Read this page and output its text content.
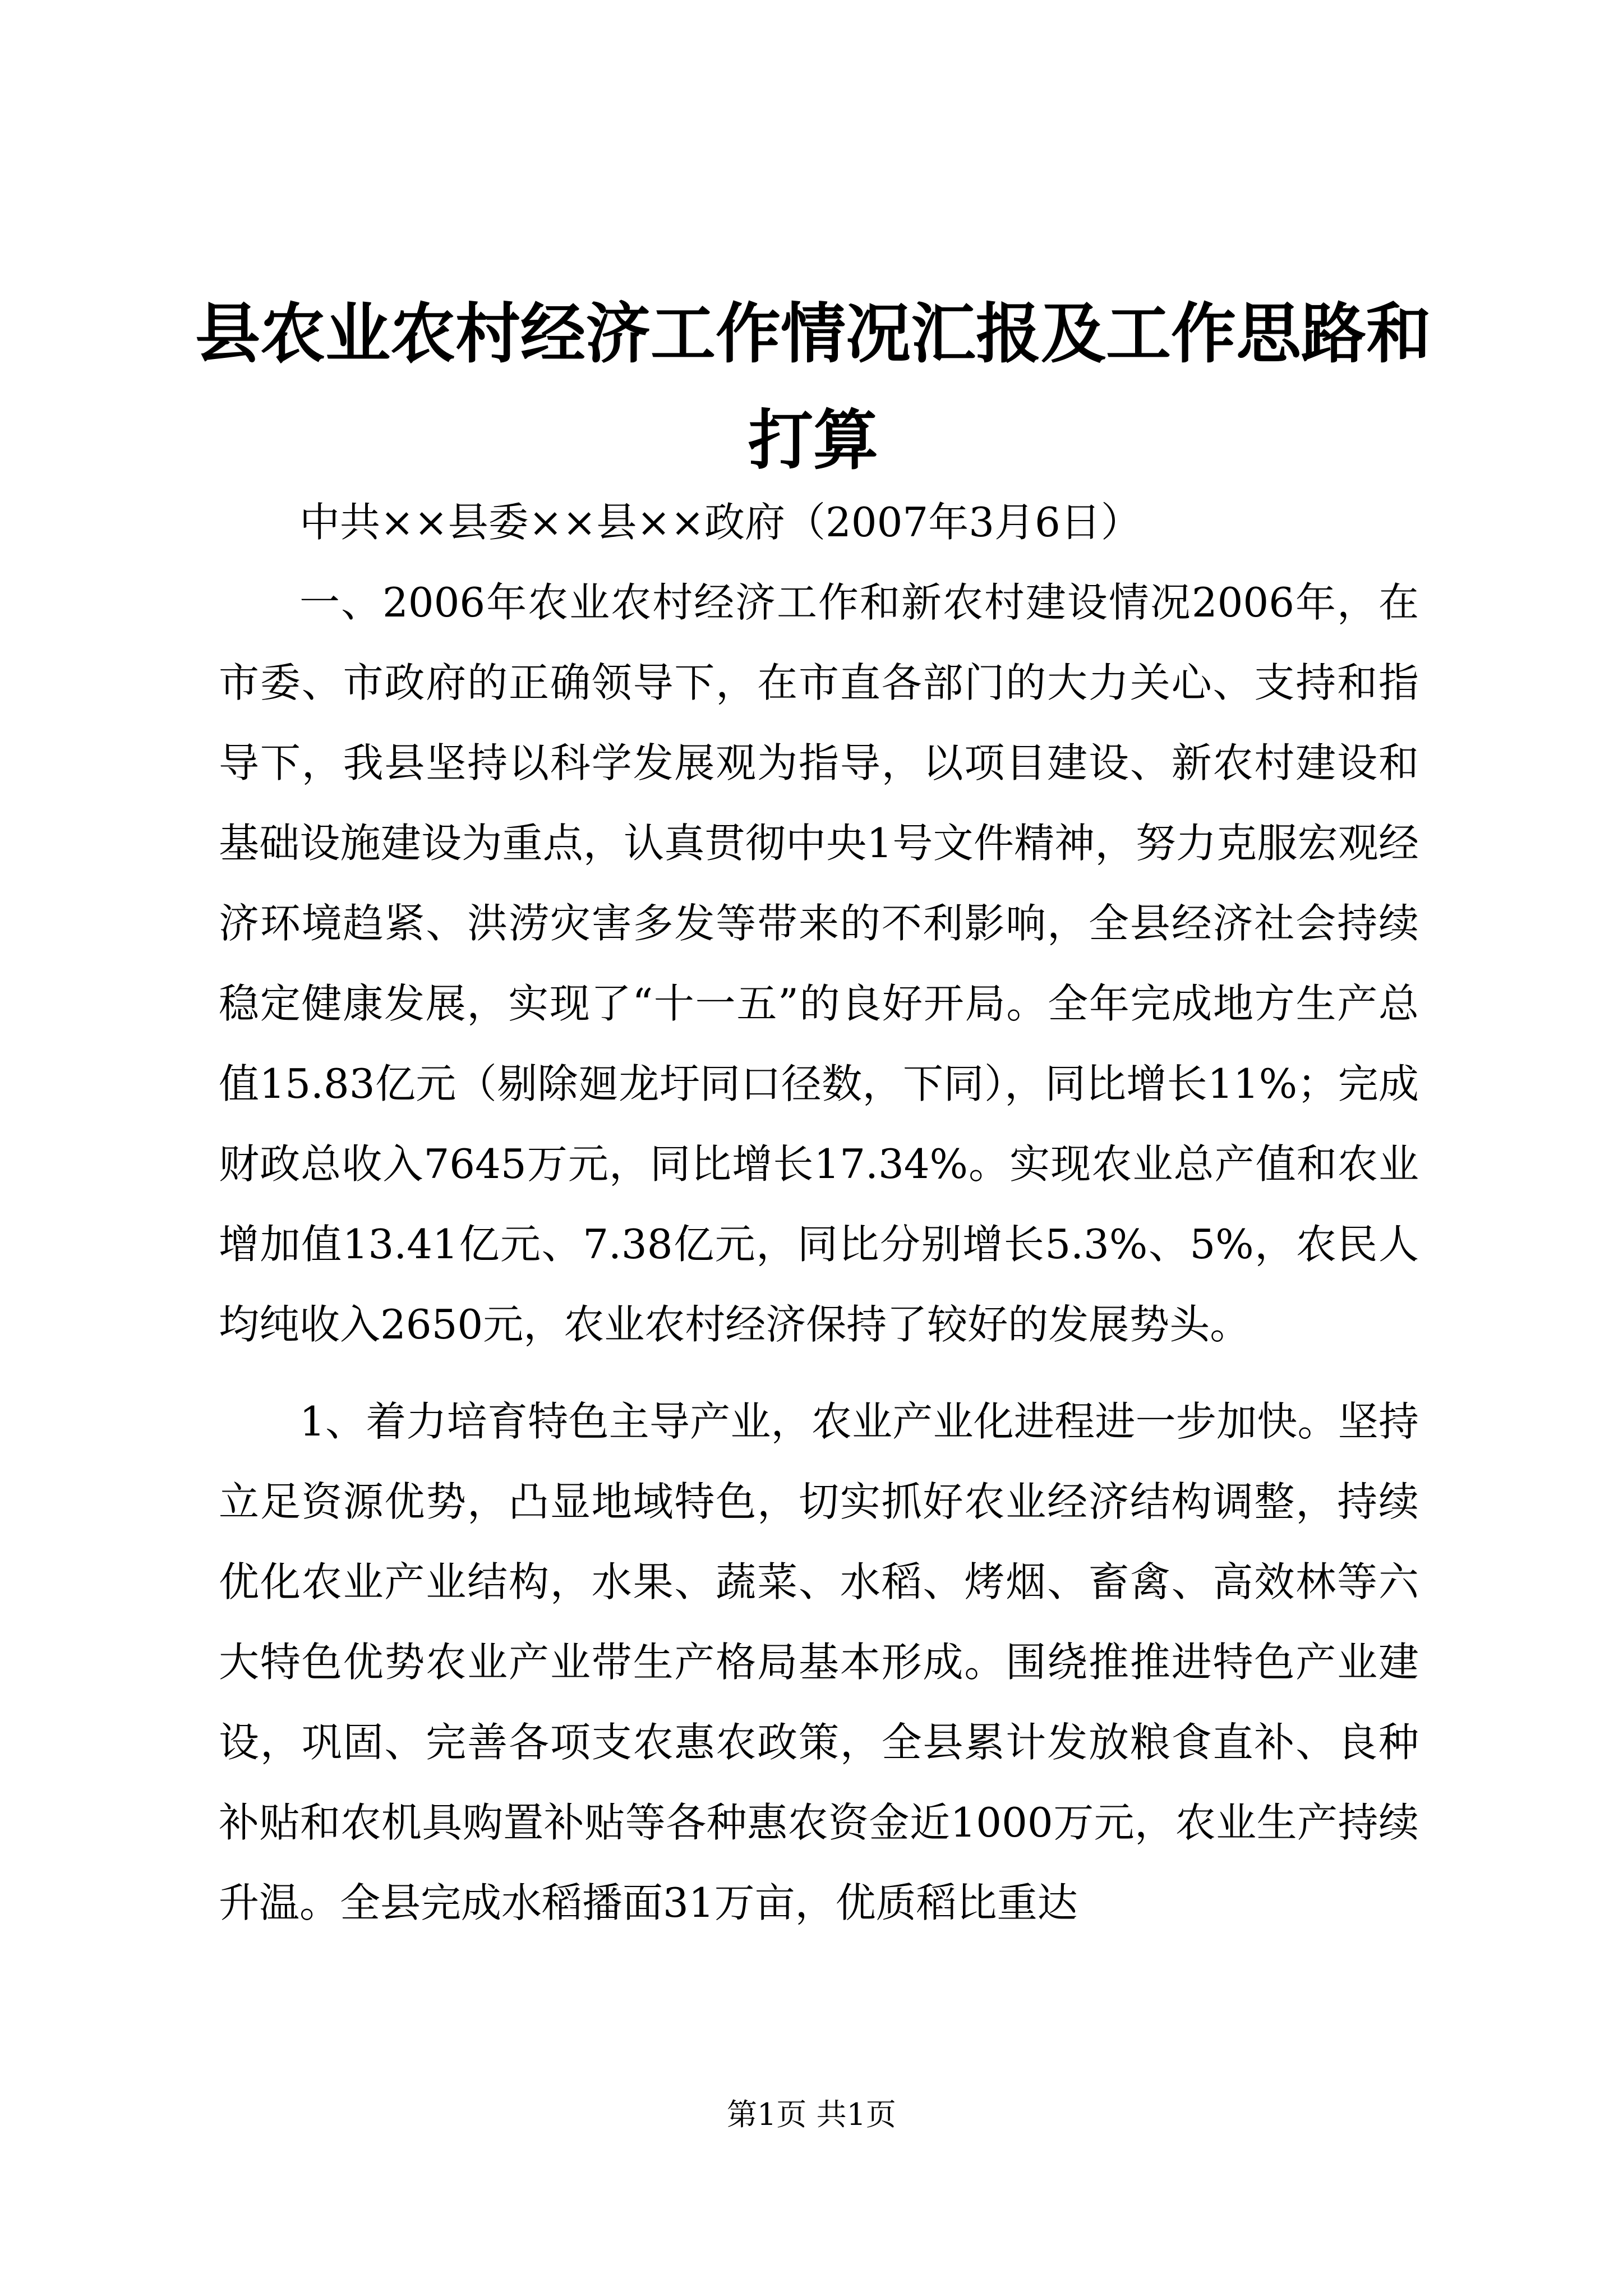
县农业农村经济工作情况汇报及工作思路和打算

中共××县委××县××政府（2007年3月6日）

一、2006年农业农村经济工作和新农村建设情况2006年，在市委、市政府的正确领导下，在市直各部门的大力关心、支持和指导下，我县坚持以科学发展观为指导，以项目建设、新农村建设和基础设施建设为重点，认真贯彻中央1号文件精神，努力克服宏观经济环境趋紧、洪涝灾害多发等带来的不利影响，全县经济社会持续稳定健康发展，实现了“十一五”的良好开局。全年完成地方生产总值15.83亿元（剔除廻龙圩同口径数，下同），同比增长11%；完成财政总收入7645万元，同比增长17.34%。实现农业总产值和农业增加值13.41亿元、7.38亿元，同比分别增长5.3%、5%，农民人均纯收入2650元，农业农村经济保持了较好的发展势头。

1、着力培育特色主导产业，农业产业化进程进一步加快。坚持立足资源优势，凸显地域特色，切实抓好农业经济结构调整，持续优化农业产业结构，水果、蔬菜、水稻、烤烟、畜禽、高效林等六大特色优势农业产业带生产格局基本形成。围绕推推进特色产业建设，巩固、完善各项支农惠农政策，全县累计发放粮食直补、良种补贴和农机具购置补贴等各种惠农资金近1000万元，农业生产持续升温。全县完成水稻播面31万亩，优质稻比重达

第1页 共1页
